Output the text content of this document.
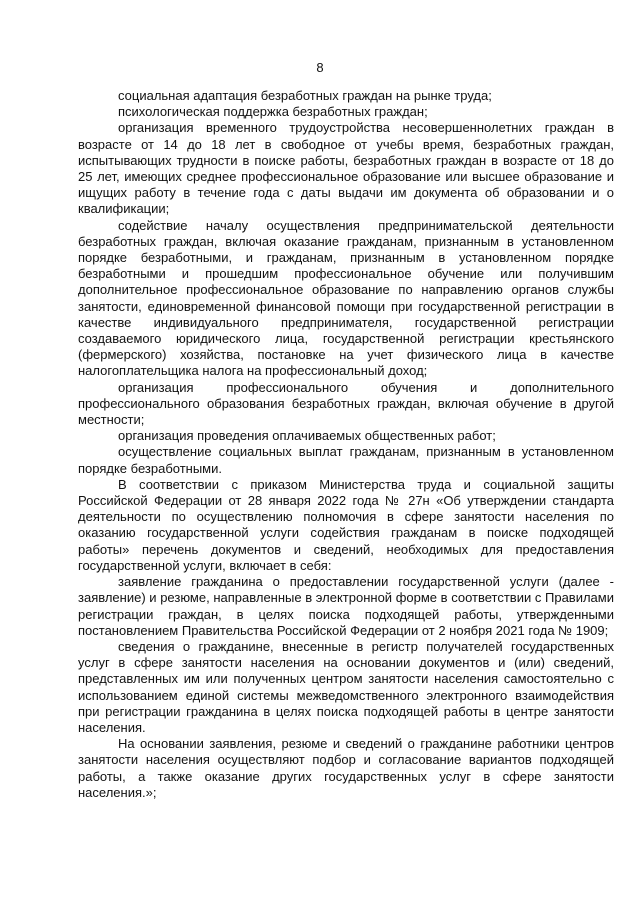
8

социальная адаптация безработных граждан на рынке труда;

психологическая поддержка безработных граждан;

организация временного трудоустройства несовершеннолетних граждан в возрасте от 14 до 18 лет в свободное от учебы время, безработных граждан, испытывающих трудности в поиске работы, безработных граждан в возрасте от 18 до 25 лет, имеющих среднее профессиональное образование или высшее образование и ищущих работу в течение года с даты выдачи им документа об образовании и о квалификации;

содействие началу осуществления предпринимательской деятельности безработных граждан, включая оказание гражданам, признанным в установленном порядке безработными, и гражданам, признанным в установленном порядке безработными и прошедшим профессиональное обучение или получившим дополнительное профессиональное образование по направлению органов службы занятости, единовременной финансовой помощи при государственной регистрации в качестве индивидуального предпринимателя, государственной регистрации создаваемого юридического лица, государственной регистрации крестьянского (фермерского) хозяйства, постановке на учет физического лица в качестве налогоплательщика налога на профессиональный доход;

организация профессионального обучения и дополнительного профессионального образования безработных граждан, включая обучение в другой местности;

организация проведения оплачиваемых общественных работ;

осуществление социальных выплат гражданам, признанным в установленном порядке безработными.

В соответствии с приказом Министерства труда и социальной защиты Российской Федерации от 28 января 2022 года № 27н «Об утверждении стандарта деятельности по осуществлению полномочия в сфере занятости населения по оказанию государственной услуги содействия гражданам в поиске подходящей работы» перечень документов и сведений, необходимых для предоставления государственной услуги, включает в себя:

заявление гражданина о предоставлении государственной услуги (далее - заявление) и резюме, направленные в электронной форме в соответствии с Правилами регистрации граждан, в целях поиска подходящей работы, утвержденными постановлением Правительства Российской Федерации от 2 ноября 2021 года № 1909;

сведения о гражданине, внесенные в регистр получателей государственных услуг в сфере занятости населения на основании документов и (или) сведений, представленных им или полученных центром занятости населения самостоятельно с использованием единой системы межведомственного электронного взаимодействия при регистрации гражданина в целях поиска подходящей работы в центре занятости населения.

На основании заявления, резюме и сведений о гражданине работники центров занятости населения осуществляют подбор и согласование вариантов подходящей работы, а также оказание других государственных услуг в сфере занятости населения.»;
